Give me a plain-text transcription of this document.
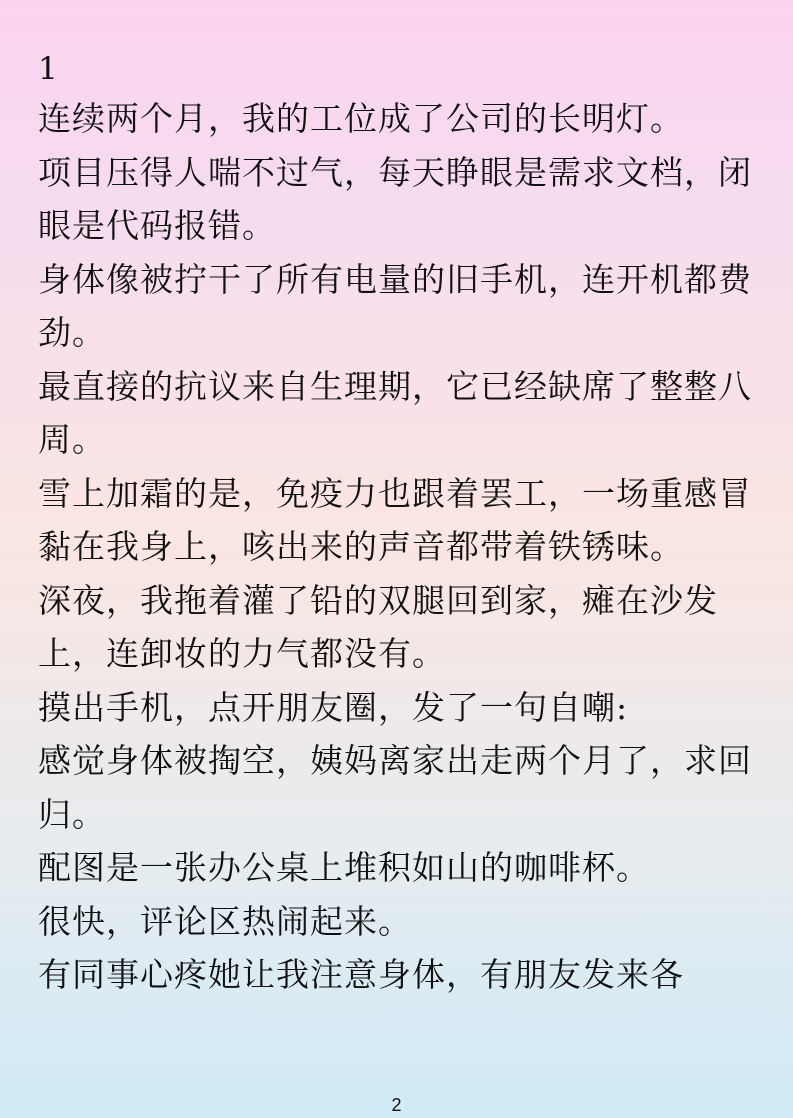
1

连续两个月，我的工位成了公司的长明灯。

项目压得人喘不过气，每天睁眼是需求文档，闭眼是代码报错。

身体像被拧干了所有电量的旧手机，连开机都费劲。

最直接的抗议来自生理期，它已经缺席了整整八周。

雪上加霜的是，免疫力也跟着罢工，一场重感冒黏在我身上，咳出来的声音都带着铁锈味。

深夜，我拖着灌了铅的双腿回到家，瘫在沙发上，连卸妆的力气都没有。

摸出手机，点开朋友圈，发了一句自嘲:

感觉身体被掏空，姨妈离家出走两个月了，求回归。

配图是一张办公桌上堆积如山的咖啡杯。

很快，评论区热闹起来。

有同事心疼她让我注意身体，有朋友发来各

2
